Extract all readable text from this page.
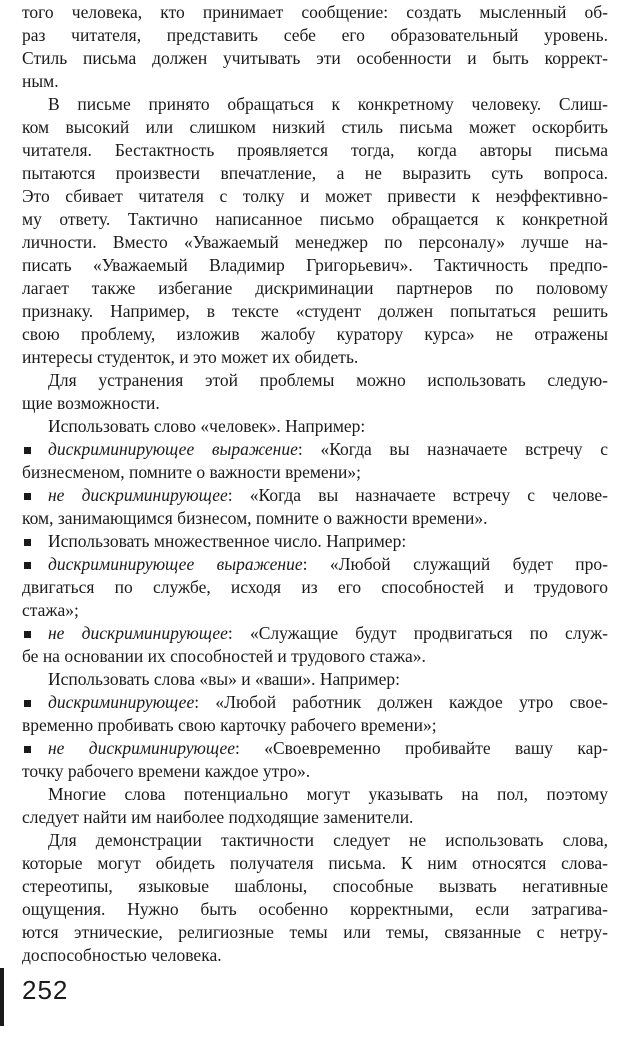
того человека, кто принимает сообщение: создать мысленный об-
раз читателя, представить себе его образовательный уровень.
Стиль письма должен учитывать эти особенности и быть коррект-
ным.
В письме принято обращаться к конкретному человеку. Слиш-
ком высокий или слишком низкий стиль письма может оскорбить
читателя. Бестактность проявляется тогда, когда авторы письма
пытаются произвести впечатление, а не выразить суть вопроса.
Это сбивает читателя с толку и может привести к неэффективно-
му ответу. Тактично написанное письмо обращается к конкретной
личности. Вместо «Уважаемый менеджер по персоналу» лучше на-
писать «Уважаемый Владимир Григорьевич». Тактичность предпо-
лагает также избегание дискриминации партнеров по половому
признаку. Например, в тексте «студент должен попытаться решить
свою проблему, изложив жалобу куратору курса» не отражены
интересы студенток, и это может их обидеть.
Для устранения этой проблемы можно использовать следую-
щие возможности.
Использовать слово «человек». Например:
дискриминирующее выражение: «Когда вы назначаете встречу с
бизнесменом, помните о важности времени»;
не дискриминирующее: «Когда вы назначаете встречу с челове-
ком, занимающимся бизнесом, помните о важности времени».
Использовать множественное число. Например:
дискриминирующее выражение: «Любой служащий будет про-
двигаться по службе, исходя из его способностей и трудового
стажа»;
не дискриминирующее: «Служащие будут продвигаться по служ-
бе на основании их способностей и трудового стажа».
Использовать слова «вы» и «ваши». Например:
дискриминирующее: «Любой работник должен каждое утро свое-
временно пробивать свою карточку рабочего времени»;
не дискриминирующее: «Своевременно пробивайте вашу кар-
точку рабочего времени каждое утро».
Многие слова потенциально могут указывать на пол, поэтому
следует найти им наиболее подходящие заменители.
Для демонстрации тактичности следует не использовать слова,
которые могут обидеть получателя письма. К ним относятся слова-
стереотипы, языковые шаблоны, способные вызвать негативные
ощущения. Нужно быть особенно корректными, если затрагива-
ются этнические, религиозные темы или темы, связанные с нетру-
доспособностью человека.
252
